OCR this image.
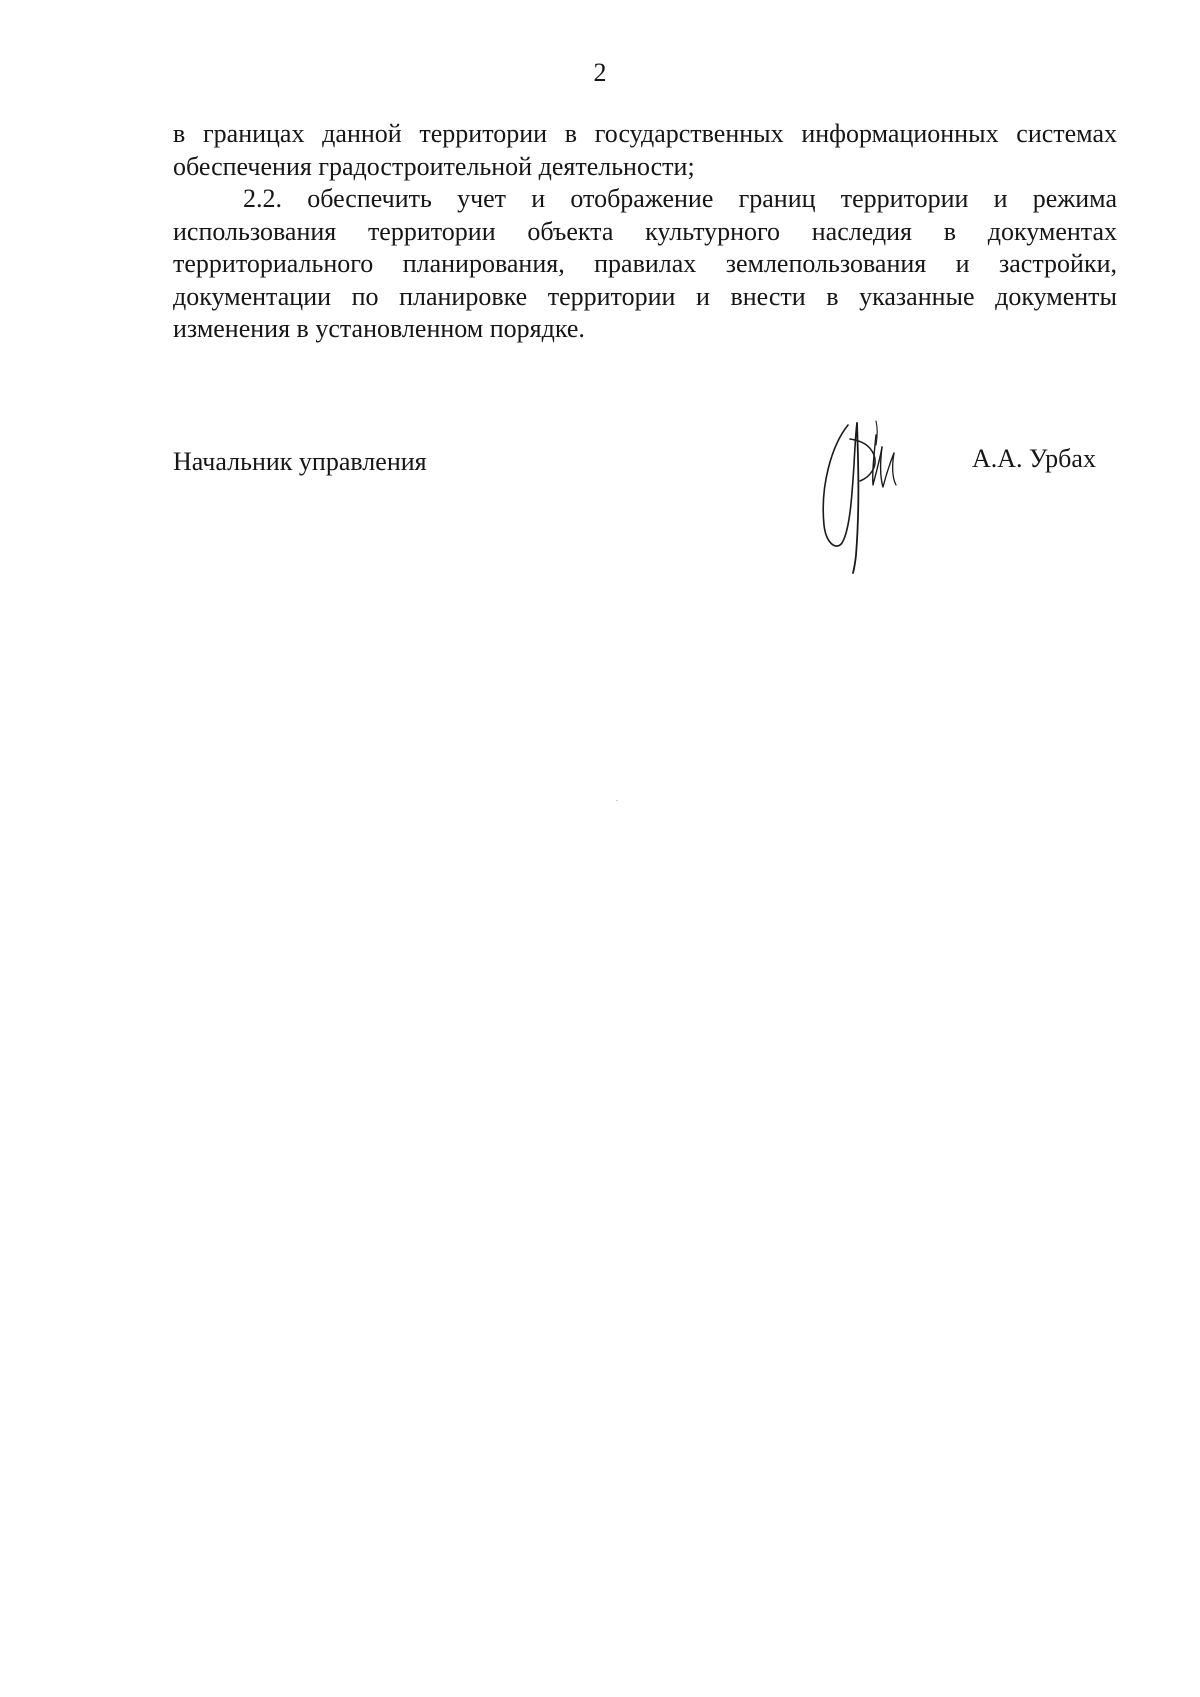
2

в границах данной территории в государственных информационных системах обеспечения градостроительной деятельности;

2.2. обеспечить учет и отображение границ территории и режима использования территории объекта культурного наследия в документах территориального планирования, правилах землепользования и застройки, документации по планировке территории и внести в указанные документы изменения в установленном порядке.

Начальник управления	А.А. Урбах
